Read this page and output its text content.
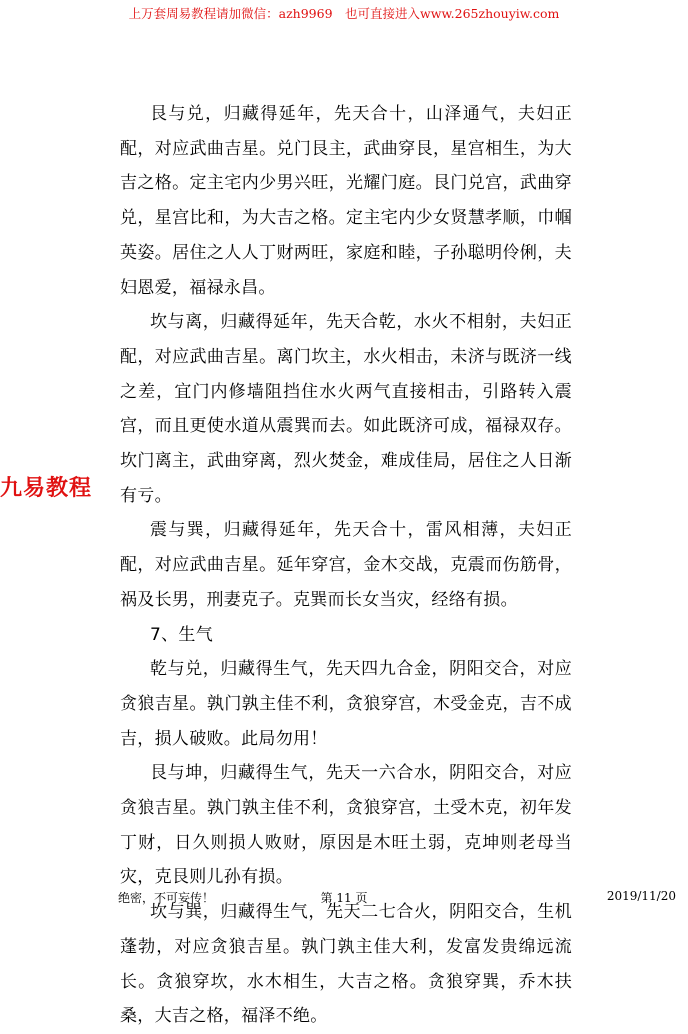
上万套周易教程请加微信：azh9969　也可直接进入www.265zhouyiw.com

艮与兑，归藏得延年，先天合十，山泽通气，夫妇正配，对应武曲吉星。兑门艮主，武曲穿艮，星宫相生，为大吉之格。定主宅内少男兴旺，光耀门庭。艮门兑宫，武曲穿兑，星宫比和，为大吉之格。定主宅内少女贤慧孝顺，巾帼英姿。居住之人人丁财两旺，家庭和睦，子孙聪明伶俐，夫妇恩爱，福禄永昌。

坎与离，归藏得延年，先天合乾，水火不相射，夫妇正配，对应武曲吉星。离门坎主，水火相击，未济与既济一线之差，宜门内修墙阻挡住水火两气直接相击，引路转入震宫，而且更使水道从震巽而去。如此既济可成，福禄双存。坎门离主，武曲穿离，烈火焚金，难成佳局，居住之人日渐有亏。

震与巽，归藏得延年，先天合十，雷风相薄，夫妇正配，对应武曲吉星。延年穿宫，金木交战，克震而伤筋骨，祸及长男，刑妻克子。克巽而长女当灾，经络有损。

7、生气

乾与兑，归藏得生气，先天四九合金，阴阳交合，对应贪狼吉星。孰门孰主佳不利，贪狼穿宫，木受金克，吉不成吉，损人破败。此局勿用！

艮与坤，归藏得生气，先天一六合水，阴阳交合，对应贪狼吉星。孰门孰主佳不利，贪狼穿宫，土受木克，初年发丁财，日久则损人败财，原因是木旺土弱，克坤则老母当灾，克艮则儿孙有损。

坎与巽，归藏得生气，先天二七合火，阴阳交合，生机蓬勃，对应贪狼吉星。孰门孰主佳大利，发富发贵绵远流长。贪狼穿坎，水木相生，大吉之格。贪狼穿巽，乔木扶桑，大吉之格，福泽不绝。

九易教程
绝密，不可妄传！	第 11 页	2019/11/20
